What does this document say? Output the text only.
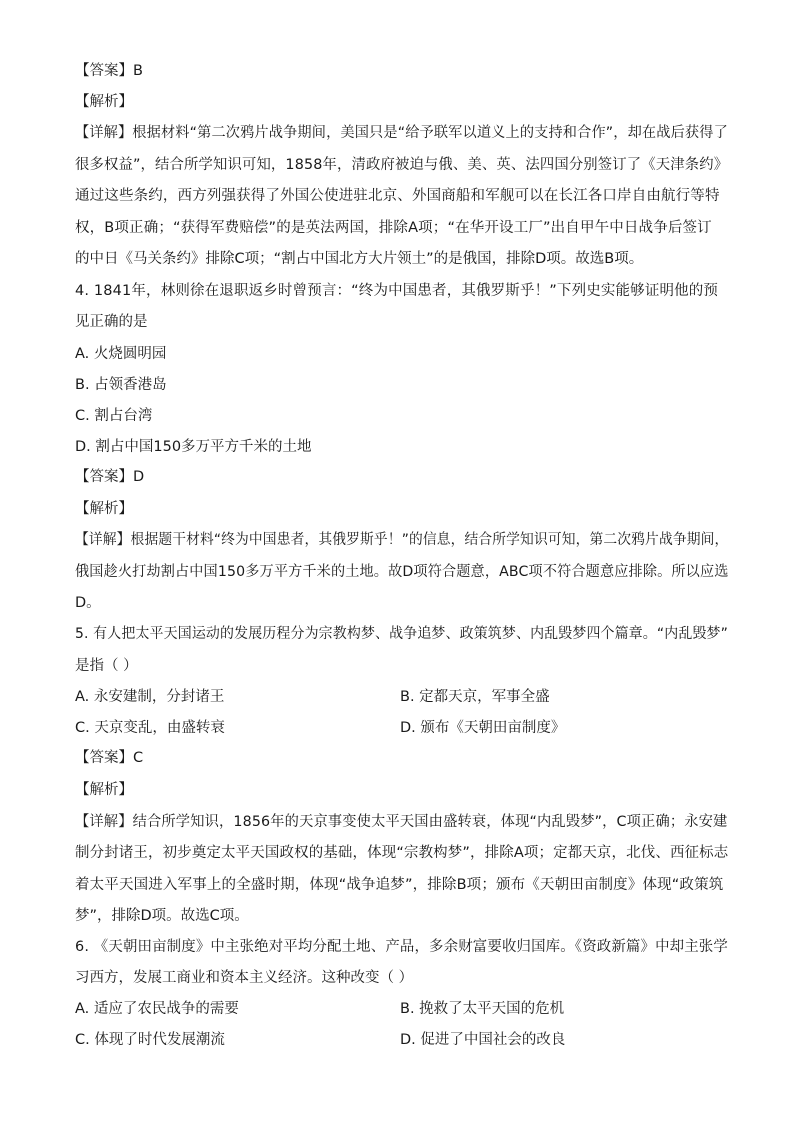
【答案】B
【解析】
【详解】根据材料“第二次鸦片战争期间，美国只是“给予联军以道义上的支持和合作”，却在战后获得了
很多权益”，结合所学知识可知，1858年，清政府被迫与俄、美、英、法四国分别签订了《天津条约》
通过这些条约，西方列强获得了外国公使进驻北京、外国商船和军舰可以在长江各口岸自由航行等特
权，B项正确；“获得军费赔偿”的是英法两国，排除A项；“在华开设工厂”出自甲午中日战争后签订
的中日《马关条约》排除C项；“割占中国北方大片领土”的是俄国，排除D项。故选B项。
4. 1841年，林则徐在退职返乡时曾预言：“终为中国患者，其俄罗斯乎！”下列史实能够证明他的预
见正确的是
A. 火烧圆明园
B. 占领香港岛
C. 割占台湾
D. 割占中国150多万平方千米的土地
【答案】D
【解析】
【详解】根据题干材料“终为中国患者，其俄罗斯乎！”的信息，结合所学知识可知，第二次鸦片战争期间，
俄国趁火打劫割占中国150多万平方千米的土地。故D项符合题意，ABC项不符合题意应排除。所以应选
D。
5. 有人把太平天国运动的发展历程分为宗教构梦、战争追梦、政策筑梦、内乱毁梦四个篇章。“内乱毁梦”
是指（ ）
A. 永安建制，分封诸王	B. 定都天京，军事全盛
C. 天京变乱，由盛转衰	D. 颁布《天朝田亩制度》
【答案】C
【解析】
【详解】结合所学知识，1856年的天京事变使太平天国由盛转衰，体现“内乱毁梦”，C项正确；永安建
制分封诸王，初步奠定太平天国政权的基础，体现“宗教构梦”，排除A项；定都天京，北伐、西征标志
着太平天国进入军事上的全盛时期，体现“战争追梦”，排除B项；颁布《天朝田亩制度》体现“政策筑
梦”，排除D项。故选C项。
6. 《天朝田亩制度》中主张绝对平均分配土地、产品，多余财富要收归国库。《资政新篇》中却主张学
习西方，发展工商业和资本主义经济。这种改变（ ）
A. 适应了农民战争的需要	B. 挽救了太平天国的危机
C. 体现了时代发展潮流	D. 促进了中国社会的改良
